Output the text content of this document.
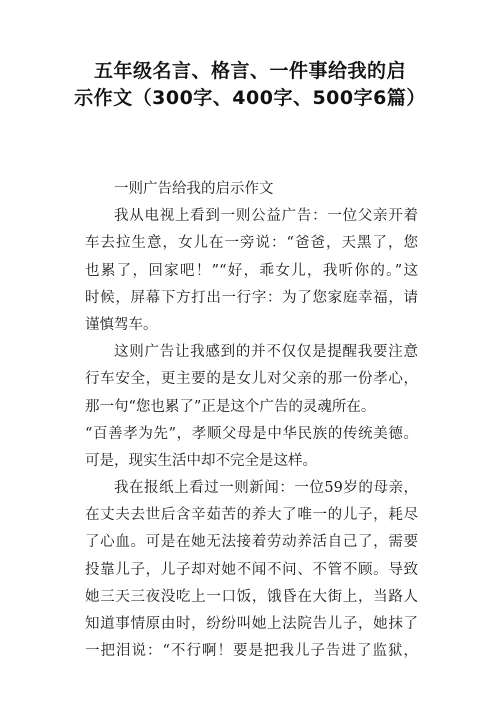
五年级名言、格言、一件事给我的启
示作文（300字、400字、500字6篇）
一则广告给我的启示作文
我从电视上看到一则公益广告：一位父亲开着
车去拉生意，女儿在一旁说：“爸爸，天黑了，您
也累了，回家吧！”“好，乖女儿，我听你的。”这
时候，屏幕下方打出一行字：为了您家庭幸福，请
谨慎驾车。
这则广告让我感到的并不仅仅是提醒我要注意
行车安全，更主要的是女儿对父亲的那一份孝心，
那一句“您也累了”正是这个广告的灵魂所在。
“百善孝为先”，孝顺父母是中华民族的传统美德。
可是，现实生活中却不完全是这样。
我在报纸上看过一则新闻：一位59岁的母亲，
在丈夫去世后含辛茹苦的养大了唯一的儿子，耗尽
了心血。可是在她无法接着劳动养活自己了，需要
投靠儿子，儿子却对她不闻不问、不管不顾。导致
她三天三夜没吃上一口饭，饿昏在大街上，当路人
知道事情原由时，纷纷叫她上法院告儿子，她抹了
一把泪说：“不行啊！要是把我儿子告进了监狱，
